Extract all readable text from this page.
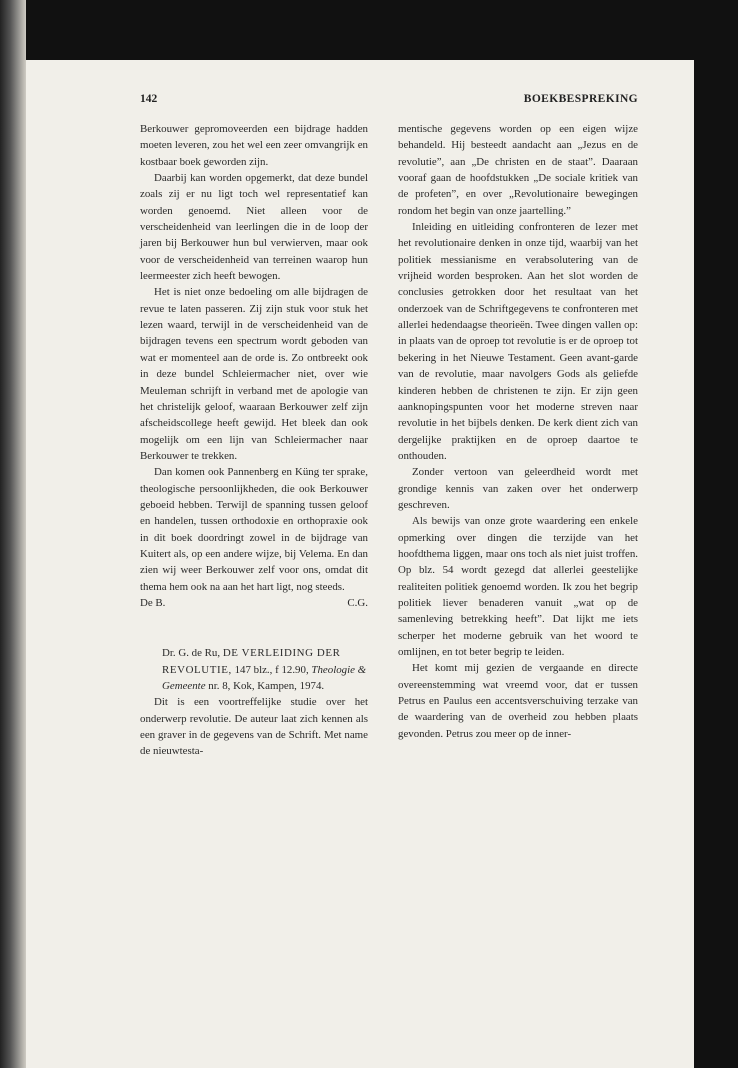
142	BOEKBESPREKING

Berkouwer gepromoveerden een bijdrage hadden moeten leveren, zou het wel een zeer omvangrijk en kostbaar boek geworden zijn.

Daarbij kan worden opgemerkt, dat deze bundel zoals zij er nu ligt toch wel representatief kan worden genoemd. Niet alleen voor de verscheidenheid van leerlingen die in de loop der jaren bij Berkouwer hun bul verwierven, maar ook voor de verscheidenheid van terreinen waarop hun leermeester zich heeft bewogen.

Het is niet onze bedoeling om alle bijdragen de revue te laten passeren. Zij zijn stuk voor stuk het lezen waard, terwijl in de verscheidenheid van de bijdragen tevens een spectrum wordt geboden van wat er momenteel aan de orde is. Zo ontbreekt ook in deze bundel Schleiermacher niet, over wie Meuleman schrijft in verband met de apologie van het christelijk geloof, waaraan Berkouwer zelf zijn afscheidscollege heeft gewijd. Het bleek dan ook mogelijk om een lijn van Schleiermacher naar Berkouwer te trekken.

Dan komen ook Pannenberg en Küng ter sprake, theologische persoonlijkheden, die ook Berkouwer geboeid hebben. Terwijl de spanning tussen geloof en handelen, tussen orthodoxie en orthopraxie ook in dit boek doordringt zowel in de bijdrage van Kuitert als, op een andere wijze, bij Velema. En dan zien wij weer Berkouwer zelf voor ons, omdat dit thema hem ook na aan het hart ligt, nog steeds.

De B.	C.G.
Dr. G. de Ru, DE VERLEIDING DER REVOLUTIE, 147 blz., f 12.90, Theologie & Gemeente nr. 8, Kok, Kampen, 1974.

Dit is een voortreffelijke studie over het onderwerp revolutie. De auteur laat zich kennen als een graver in de gegevens van de Schrift. Met name de nieuwtesta-

mentische gegevens worden op een eigen wijze behandeld. Hij besteedt aandacht aan „Jezus en de revolutie”, aan „De christen en de staat”. Daaraan vooraf gaan de hoofdstukken „De sociale kritiek van de profeten”, en over „Revolutionaire bewegingen rondom het begin van onze jaartelling.”

Inleiding en uitleiding confronteren de lezer met het revolutionaire denken in onze tijd, waarbij van het politiek messianisme en verabsolutering van de vrijheid worden besproken. Aan het slot worden de conclusies getrokken door het resultaat van het onderzoek van de Schriftgegevens te confronteren met allerlei hedendaagse theorieën. Twee dingen vallen op: in plaats van de oproep tot revolutie is er de oproep tot bekering in het Nieuwe Testament. Geen avant-garde van de revolutie, maar navolgers Gods als geliefde kinderen hebben de christenen te zijn. Er zijn geen aanknopingspunten voor het moderne streven naar revolutie in het bijbels denken. De kerk dient zich van dergelijke praktijken en de oproep daartoe te onthouden.

Zonder vertoon van geleerdheid wordt met grondige kennis van zaken over het onderwerp geschreven.

Als bewijs van onze grote waardering een enkele opmerking over dingen die terzijde van het hoofdthema liggen, maar ons toch als niet juist troffen. Op blz. 54 wordt gezegd dat allerlei geestelijke realiteiten politiek genoemd worden. Ik zou het begrip politiek liever benaderen vanuit „wat op de samenleving betrekking heeft”. Dat lijkt me iets scherper het moderne gebruik van het woord te omlijnen, en tot beter begrip te leiden.

Het komt mij gezien de vergaande en directe overeenstemming wat vreemd voor, dat er tussen Petrus en Paulus een accentsverschuiving terzake van de waardering van de overheid zou hebben plaats gevonden. Petrus zou meer op de inner-
